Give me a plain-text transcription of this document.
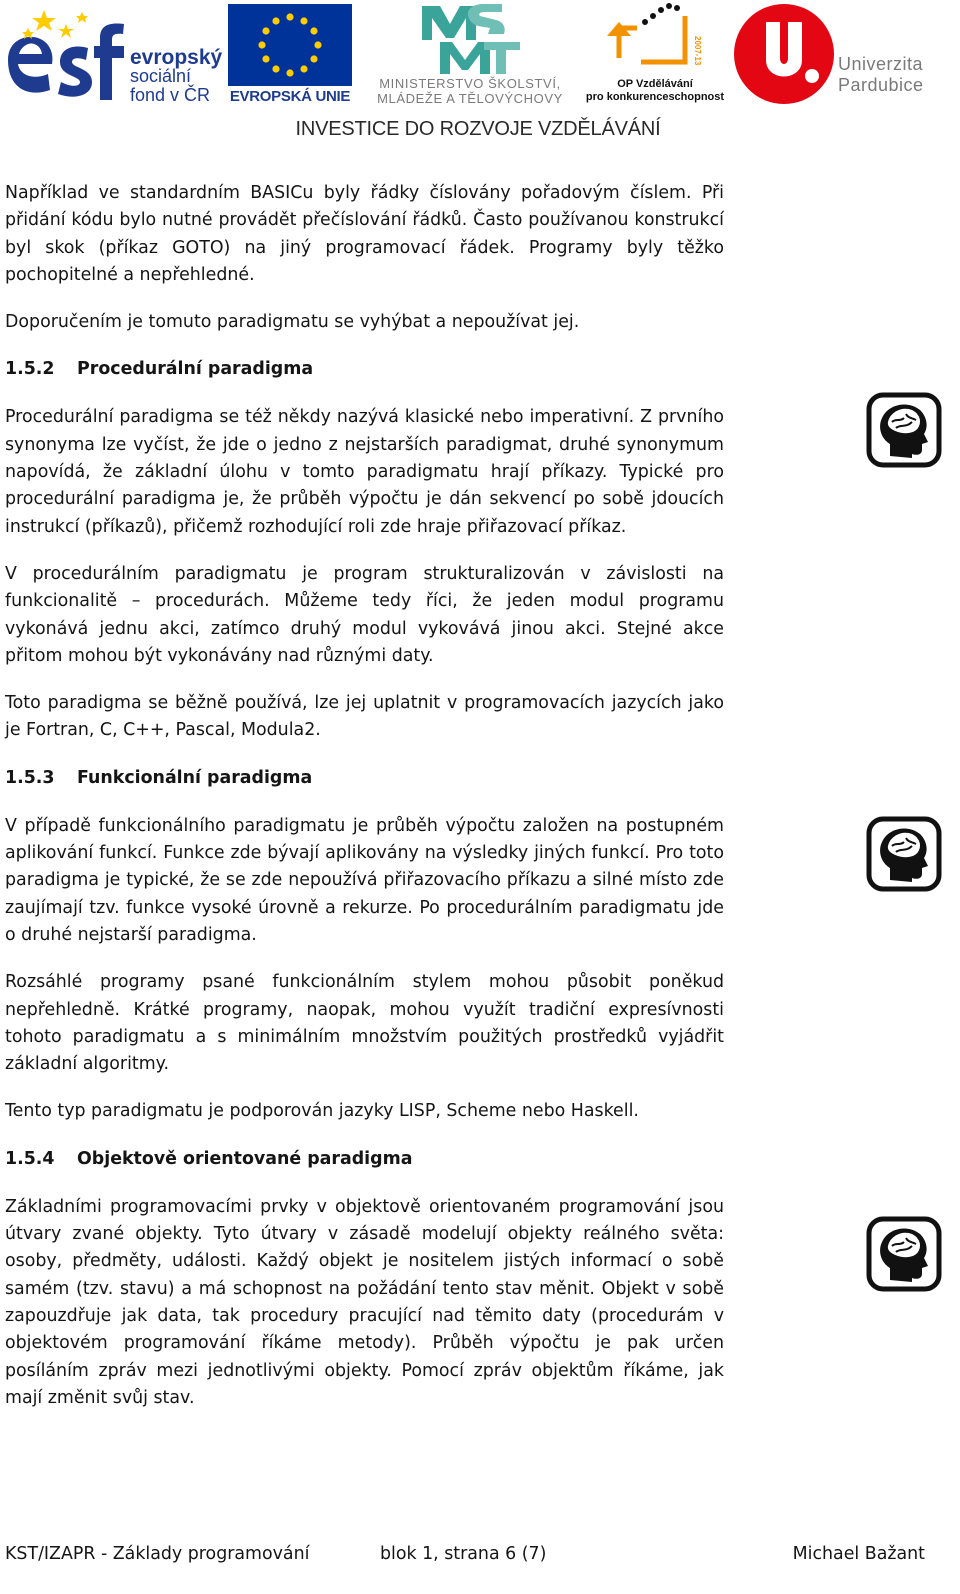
evropský
sociální
fond v ČR	EVROPSKÁ UNIE
MINISTERSTVO ŠKOLSTVÍ,
MLÁDEŽE A TĚLOVÝCHOVY
2007-13
OP Vzdělávání
pro konkurenceschopnost
Univerzita
Pardubice
INVESTICE DO ROZVOJE VZDĚLÁVÁNÍ

Například ve standardním BASICu byly řádky číslovány pořadovým číslem. Při přidání kódu bylo nutné provádět přečíslování řádků. Často používanou konstrukcí byl skok (příkaz GOTO) na jiný programovací řádek. Programy byly těžko pochopitelné a nepřehledné.

Doporučením je tomuto paradigmatu se vyhýbat a nepoužívat jej.

1.5.2 Procedurální paradigma

Procedurální paradigma se též někdy nazývá klasické nebo imperativní. Z prvního synonyma lze vyčíst, že jde o jedno z nejstarších paradigmat, druhé synonymum napovídá, že základní úlohu v tomto paradigmatu hrají příkazy. Typické pro procedurální paradigma je, že průběh výpočtu je dán sekvencí po sobě jdoucích instrukcí (příkazů), přičemž rozhodující roli zde hraje přiřazovací příkaz.

V procedurálním paradigmatu je program strukturalizován v závislosti na funkcionalitě – procedurách. Můžeme tedy říci, že jeden modul programu vykonává jednu akci, zatímco druhý modul vykovává jinou akci. Stejné akce přitom mohou být vykonávány nad různými daty.

Toto paradigma se běžně používá, lze jej uplatnit v programovacích jazycích jako je Fortran, C, C++, Pascal, Modula2.

1.5.3 Funkcionální paradigma

V případě funkcionálního paradigmatu je průběh výpočtu založen na postupném aplikování funkcí. Funkce zde bývají aplikovány na výsledky jiných funkcí. Pro toto paradigma je typické, že se zde nepoužívá přiřazovacího příkazu a silné místo zde zaujímají tzv. funkce vysoké úrovně a rekurze. Po procedurálním paradigmatu jde o druhé nejstarší paradigma.

Rozsáhlé programy psané funkcionálním stylem mohou působit poněkud nepřehledně. Krátké programy, naopak, mohou využít tradiční expresívnosti tohoto paradigmatu a s minimálním množstvím použitých prostředků vyjádřit základní algoritmy.

Tento typ paradigmatu je podporován jazyky LISP, Scheme nebo Haskell.

1.5.4 Objektově orientované paradigma

Základními programovacími prvky v objektově orientovaném programování jsou útvary zvané objekty. Tyto útvary v zásadě modelují objekty reálného světa: osoby, předměty, události. Každý objekt je nositelem jistých informací o sobě samém (tzv. stavu) a má schopnost na požádání tento stav měnit. Objekt v sobě zapouzdřuje jak data, tak procedury pracující nad těmito daty (procedurám v objektovém programování říkáme metody). Průběh výpočtu je pak určen posíláním zpráv mezi jednotlivými objekty. Pomocí zpráv objektům říkáme, jak mají změnit svůj stav.

KST/IZAPR - Základy programování	blok 1, strana 6 (7)	Michael Bažant
